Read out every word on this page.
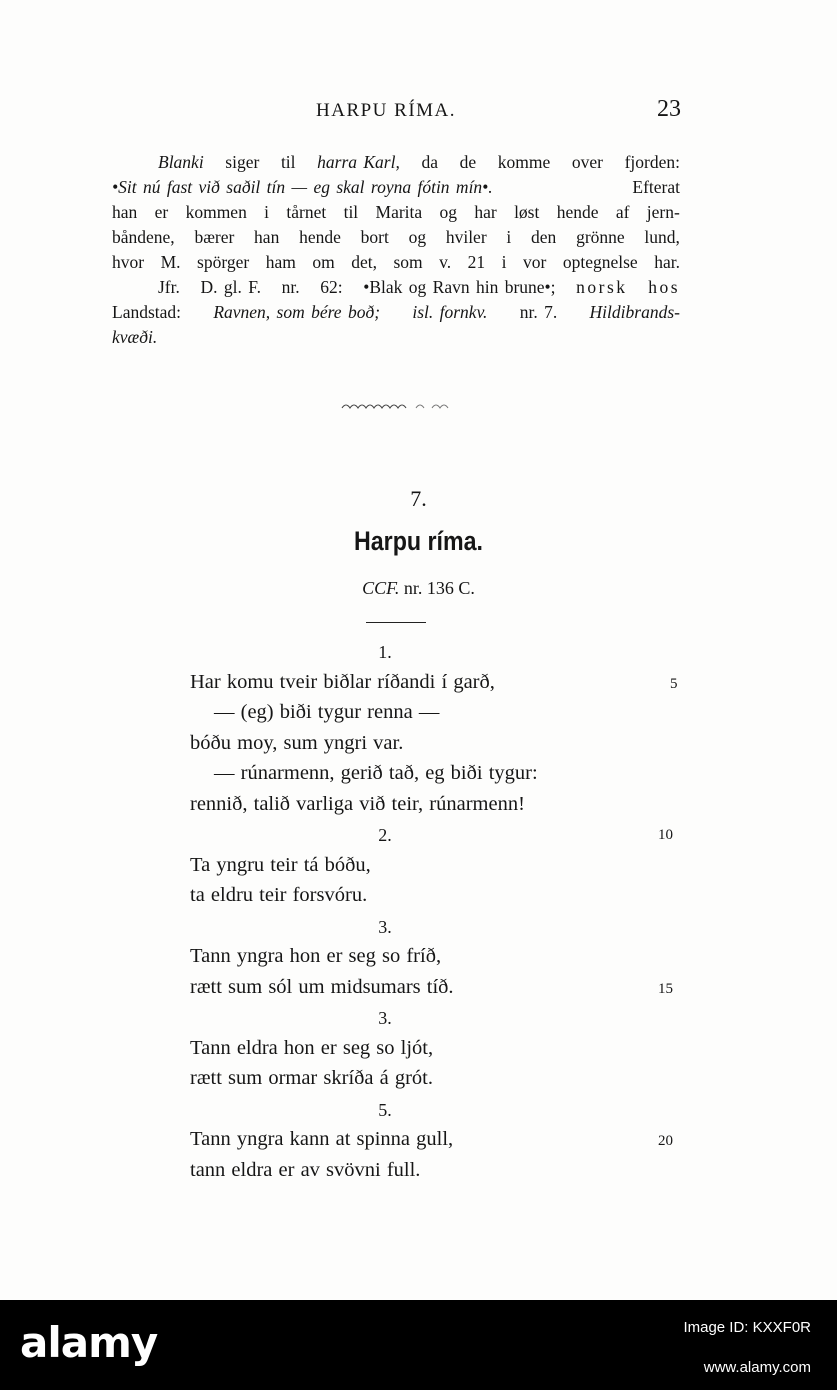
HARPU RÍMA.	23

Blanki siger til harra Karl, da de komme over fjorden:

•Sit nú fast við saðil tín — eg skal royna fótin mín•.	Efterat

han er kommen i tårnet til Marita og har løst hende af jern-

båndene, bærer han hende bort og hviler i den grönne lund,

hvor M. spörger ham om det, som v. 21 i vor optegnelse har.

Jfr. D. gl. F. nr. 62: •Blak og Ravn hin brune•; norsk hos

Landstad: Ravnen, som bére boð; isl. fornkv. nr. 7. Hildibrands-

kvæði.

7.
Harpu ríma.
CCF. nr. 136 C.
1.
Har komu tveir biðlar ríðandi í garð,	5
— (eg) biði tygur renna —
bóðu moy, sum yngri var.
— rúnarmenn, gerið tað, eg biði tygur:
rennið, talið varliga við teir, rúnarmenn!
2.	10
Ta yngru teir tá bóðu,
ta eldru teir forsvóru.
3.
Tann yngra hon er seg so fríð,
rætt sum sól um midsumars tíð.	15
3.
Tann eldra hon er seg so ljót,
rætt sum ormar skríða á grót.
5.
Tann yngra kann at spinna gull,	20
tann eldra er av svövni full.
alamy	Image ID: KXXF0R
www.alamy.com
